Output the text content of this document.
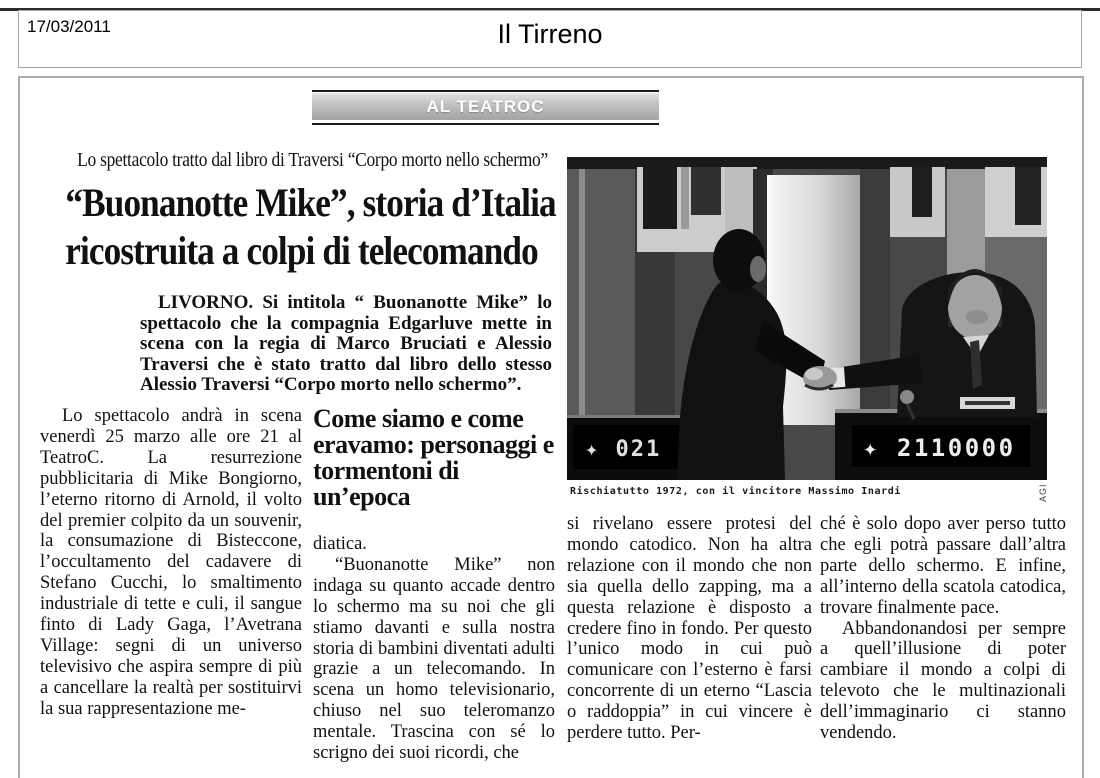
17/03/2011	Il Tirreno
AL TEATROC
Lo spettacolo tratto dal libro di Traversi “Corpo morto nello schermo”
“Buonanotte Mike”, storia d’Italia
ricostruita a colpi di telecomando
LIVORNO. Si intitola “ Buonanotte Mike” lo spettacolo che la compagnia Edgarluve mette in scena con la regia di Marco Bruciati e Alessio Traversi che è stato tratto dal libro dello stesso Alessio Traversi “Corpo morto nello schermo”.

Lo spettacolo andrà in scena venerdì 25 marzo alle ore 21 al TeatroC. La resurrezione pubblicitaria di Mike Bongiorno, l’eterno ritorno di Arnold, il volto del premier colpito da un souvenir, la consumazione di Bisteccone, l’occultamento del cadavere di Stefano Cucchi, lo smaltimento industriale di tette e culi, il sangue finto di Lady Gaga, l’Avetrana Village: segni di un universo televisivo che aspira sempre di più a cancellare la realtà per sostituirvi la sua rappresentazione me-

Come siamo e come eravamo: personaggi e tormentoni di un’epoca

diatica.

“Buonanotte Mike” non indaga su quanto accade dentro lo schermo ma su noi che gli stiamo davanti e sulla nostra storia di bambini diventati adulti grazie a un telecomando. In scena un homo televisionario, chiuso nel suo teleromanzo mentale. Trascina con sé lo scrigno dei suoi ricordi, che

✦ 021	✦ 2110000
Rischiatutto 1972, con il vincitore Massimo Inardi	AGI

si rivelano essere protesi del mondo catodico. Non ha altra relazione con il mondo che non sia quella dello zapping, ma a questa relazione è disposto a credere fino in fondo. Per questo l’unico modo in cui può comunicare con l’esterno è farsi concorrente di un eterno “Lascia o raddoppia” in cui vincere è perdere tutto. Per-

ché è solo dopo aver perso tutto che egli potrà passare dall’altra parte dello schermo. E infine, all’interno della scatola catodica, trovare finalmente pace.

Abbandonandosi per sempre a quell’illusione di poter cambiare il mondo a colpi di televoto che le multinazionali dell’immaginario ci stanno vendendo.
